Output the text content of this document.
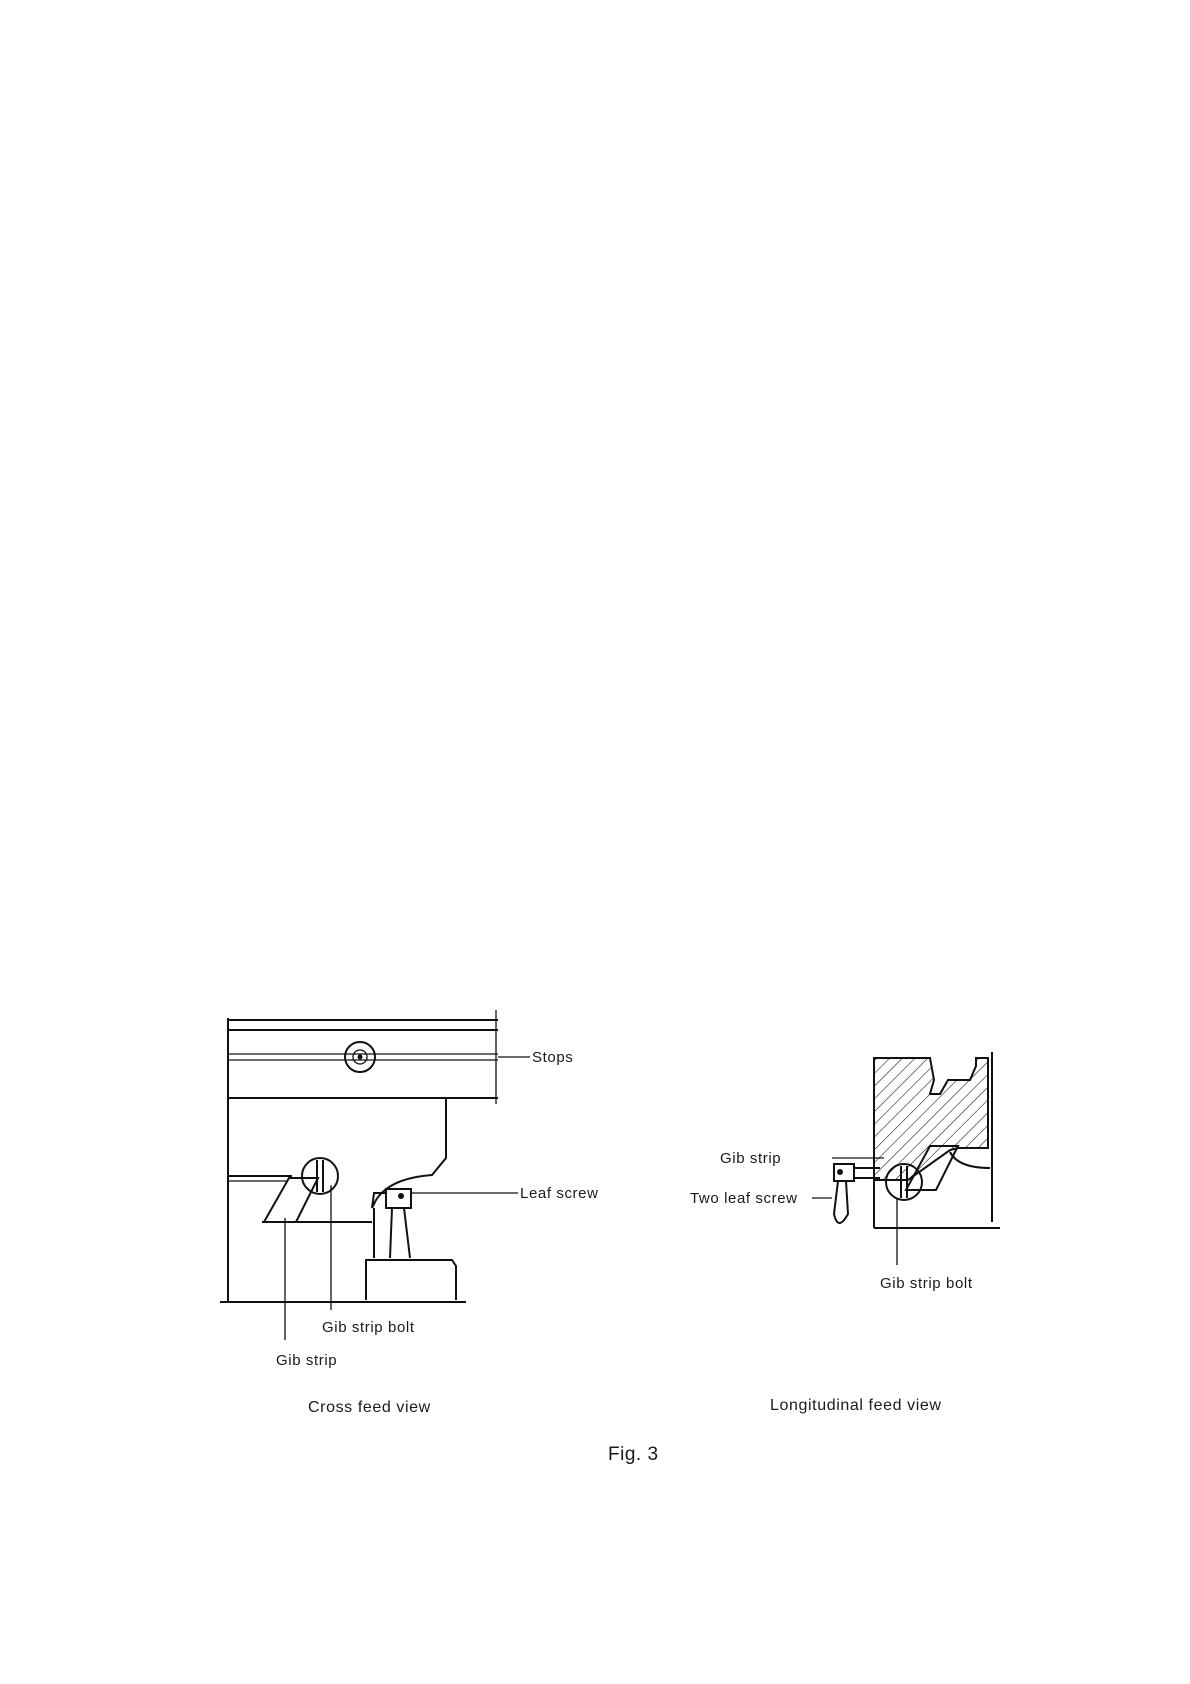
Stops
Leaf screw
Gib strip bolt
Gib strip
Cross feed view
Gib strip bolt
Gib strip
Two leaf screw
Longitudinal feed view
Fig. 3
